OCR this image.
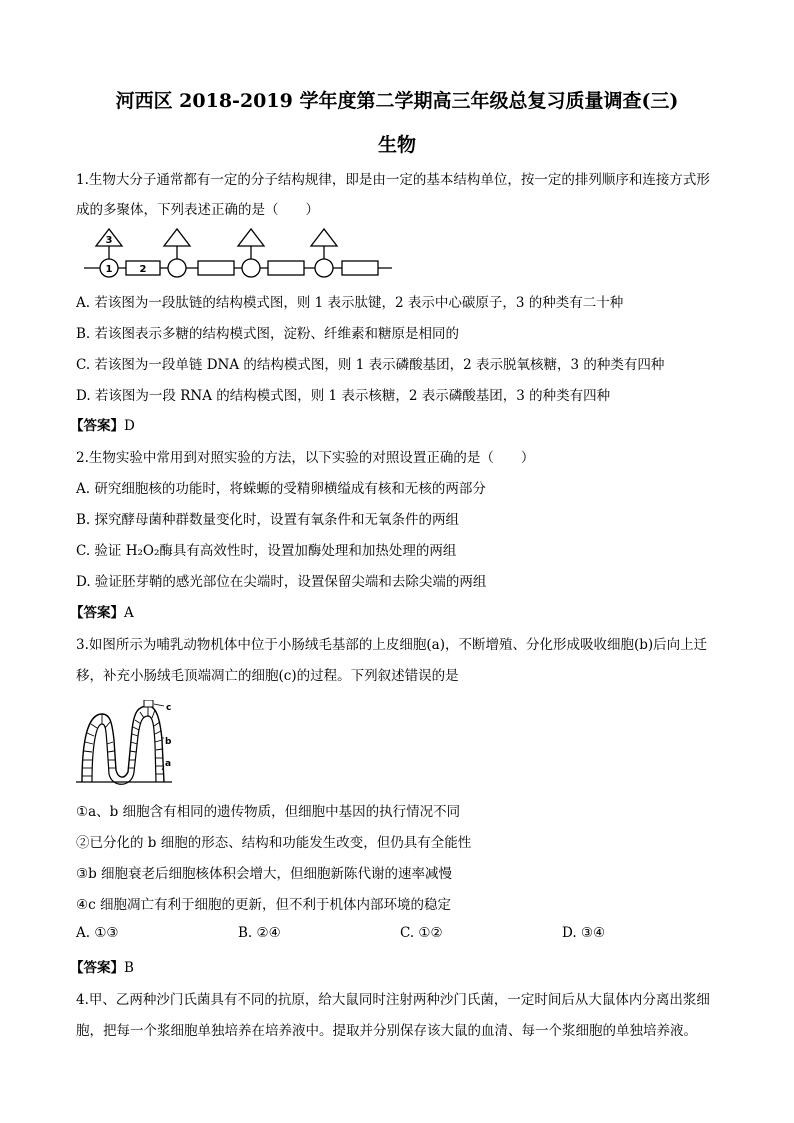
河西区 2018-2019 学年度第二学期高三年级总复习质量调查(三)
生物
1.生物大分子通常都有一定的分子结构规律，即是由一定的基本结构单位，按一定的排列顺序和连接方式形
成的多聚体，下列表述正确的是（　　）
3
1	2
A. 若该图为一段肽链的结构模式图，则 1 表示肽键，2 表示中心碳原子，3 的种类有二十种
B. 若该图表示多糖的结构模式图，淀粉、纤维素和糖原是相同的
C. 若该图为一段单链 DNA 的结构模式图，则 1 表示磷酸基团，2 表示脱氧核糖，3 的种类有四种
D. 若该图为一段 RNA 的结构模式图，则 1 表示核糖，2 表示磷酸基团，3 的种类有四种
【答案】D
2.生物实验中常用到对照实验的方法，以下实验的对照设置正确的是（　　）
A. 研究细胞核的功能时，将蝾螈的受精卵横缢成有核和无核的两部分
B. 探究酵母菌种群数量变化时，设置有氧条件和无氧条件的两组
C. 验证 H₂O₂酶具有高效性时，设置加酶处理和加热处理的两组
D. 验证胚芽鞘的感光部位在尖端时，设置保留尖端和去除尖端的两组
【答案】A
3.如图所示为哺乳动物机体中位于小肠绒毛基部的上皮细胞(a)，不断增殖、分化形成吸收细胞(b)后向上迁
移，补充小肠绒毛顶端凋亡的细胞(c)的过程。下列叙述错误的是
c
b
a
①a、b 细胞含有相同的遗传物质，但细胞中基因的执行情况不同
②已分化的 b 细胞的形态、结构和功能发生改变，但仍具有全能性
③b 细胞衰老后细胞核体积会增大，但细胞新陈代谢的速率减慢
④c 细胞凋亡有利于细胞的更新，但不利于机体内部环境的稳定
A. ①③	B. ②④	C. ①②	D. ③④
【答案】B
4.甲、乙两种沙门氏菌具有不同的抗原，给大鼠同时注射两种沙门氏菌，一定时间后从大鼠体内分离出浆细
胞，把每一个浆细胞单独培养在培养液中。提取并分别保存该大鼠的血清、每一个浆细胞的单独培养液。
